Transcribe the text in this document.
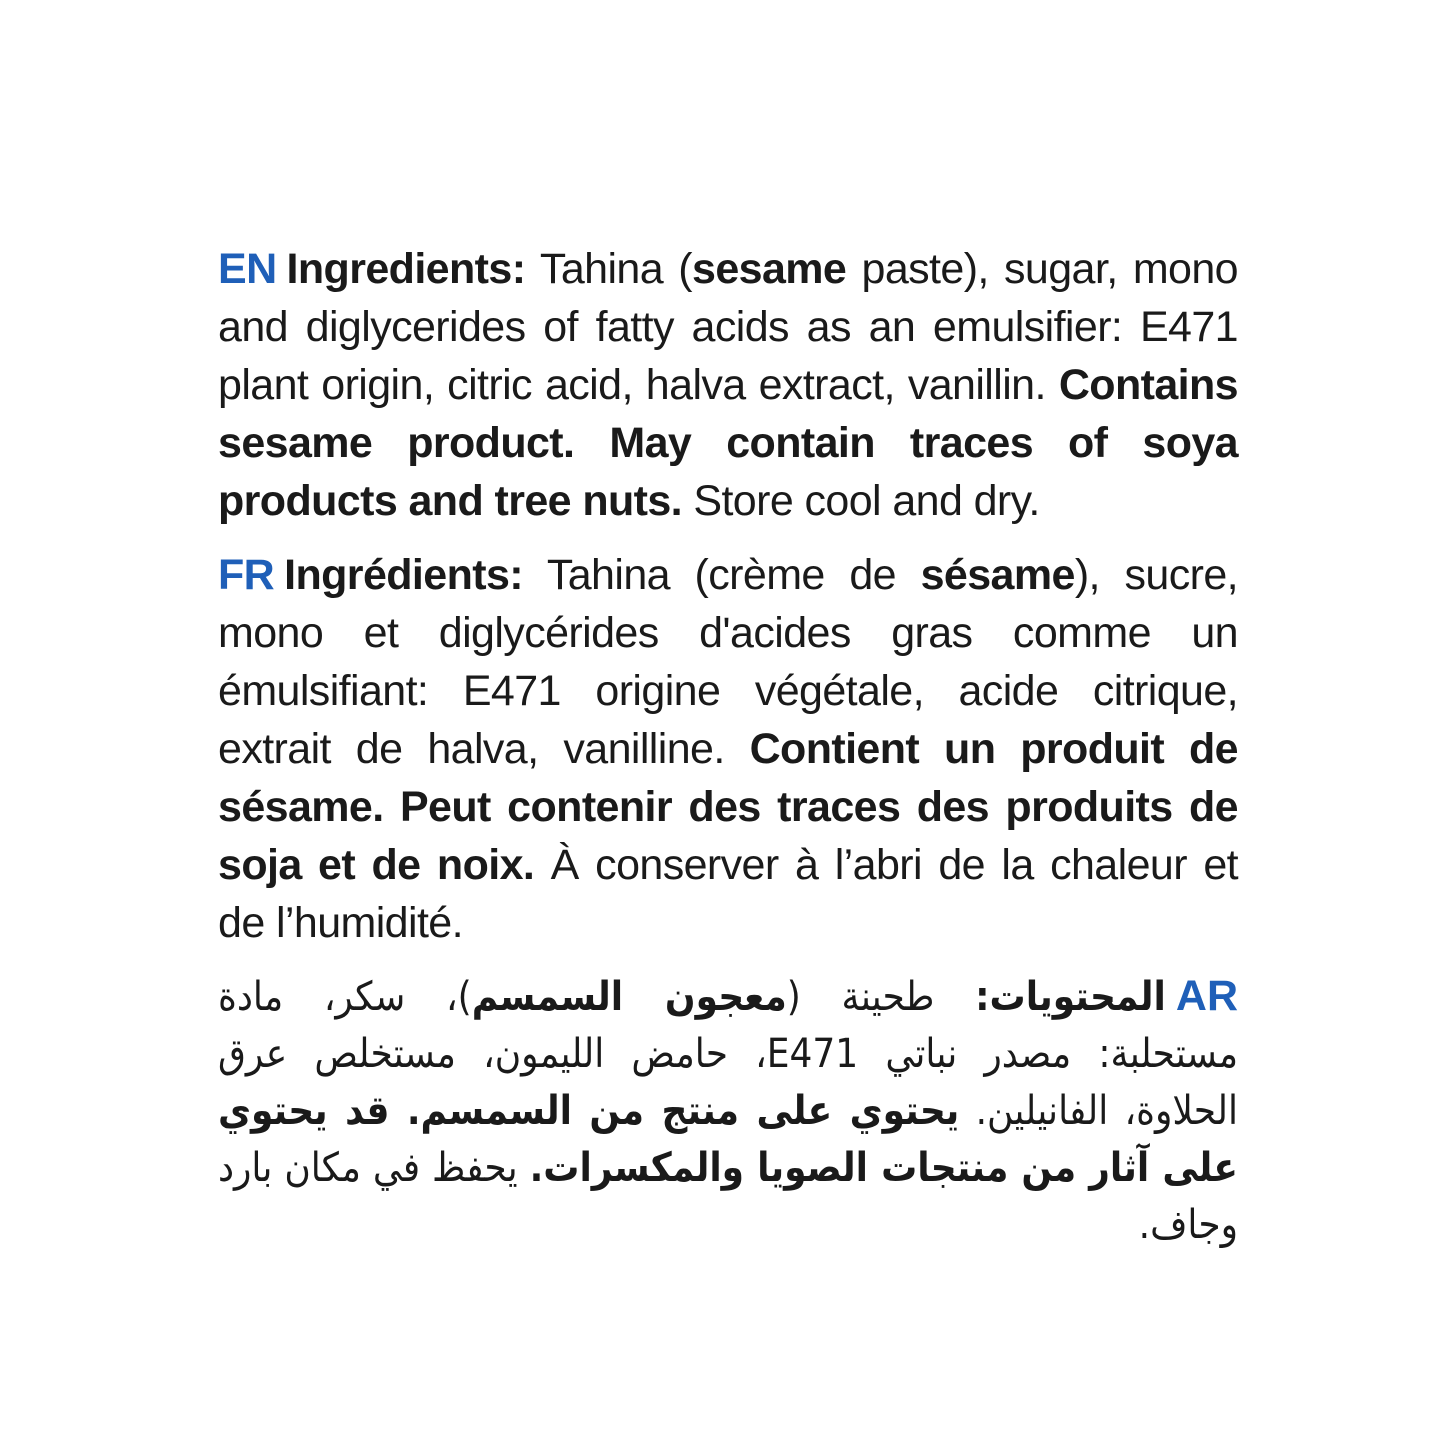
EN Ingredients: Tahina (sesame paste), sugar, mono and diglycerides of fatty acids as an emulsifier: E471 plant origin, citric acid, halva extract, vanillin. Contains sesame product. May contain traces of soya products and tree nuts. Store cool and dry.

FR Ingrédients: Tahina (crème de sésame), sucre, mono et diglycérides d'acides gras comme un émulsifiant: E471 origine végétale, acide citrique, extrait de halva, vanilline. Contient un produit de sésame. Peut contenir des traces des produits de soja et de noix. À conserver à l’abri de la chaleur et de l’humidité.

ARالمحتويات: طحينة (معجون السمسم)، سكر، مادة مستحلبة: مصدر نباتي E471، حامض الليمون، مستخلص عرق الحلاوة، الفانيلين. يحتوي على منتج من السمسم. قد يحتوي على آثار من منتجات الصويا والمكسرات. يحفظ في مكان بارد وجاف.
